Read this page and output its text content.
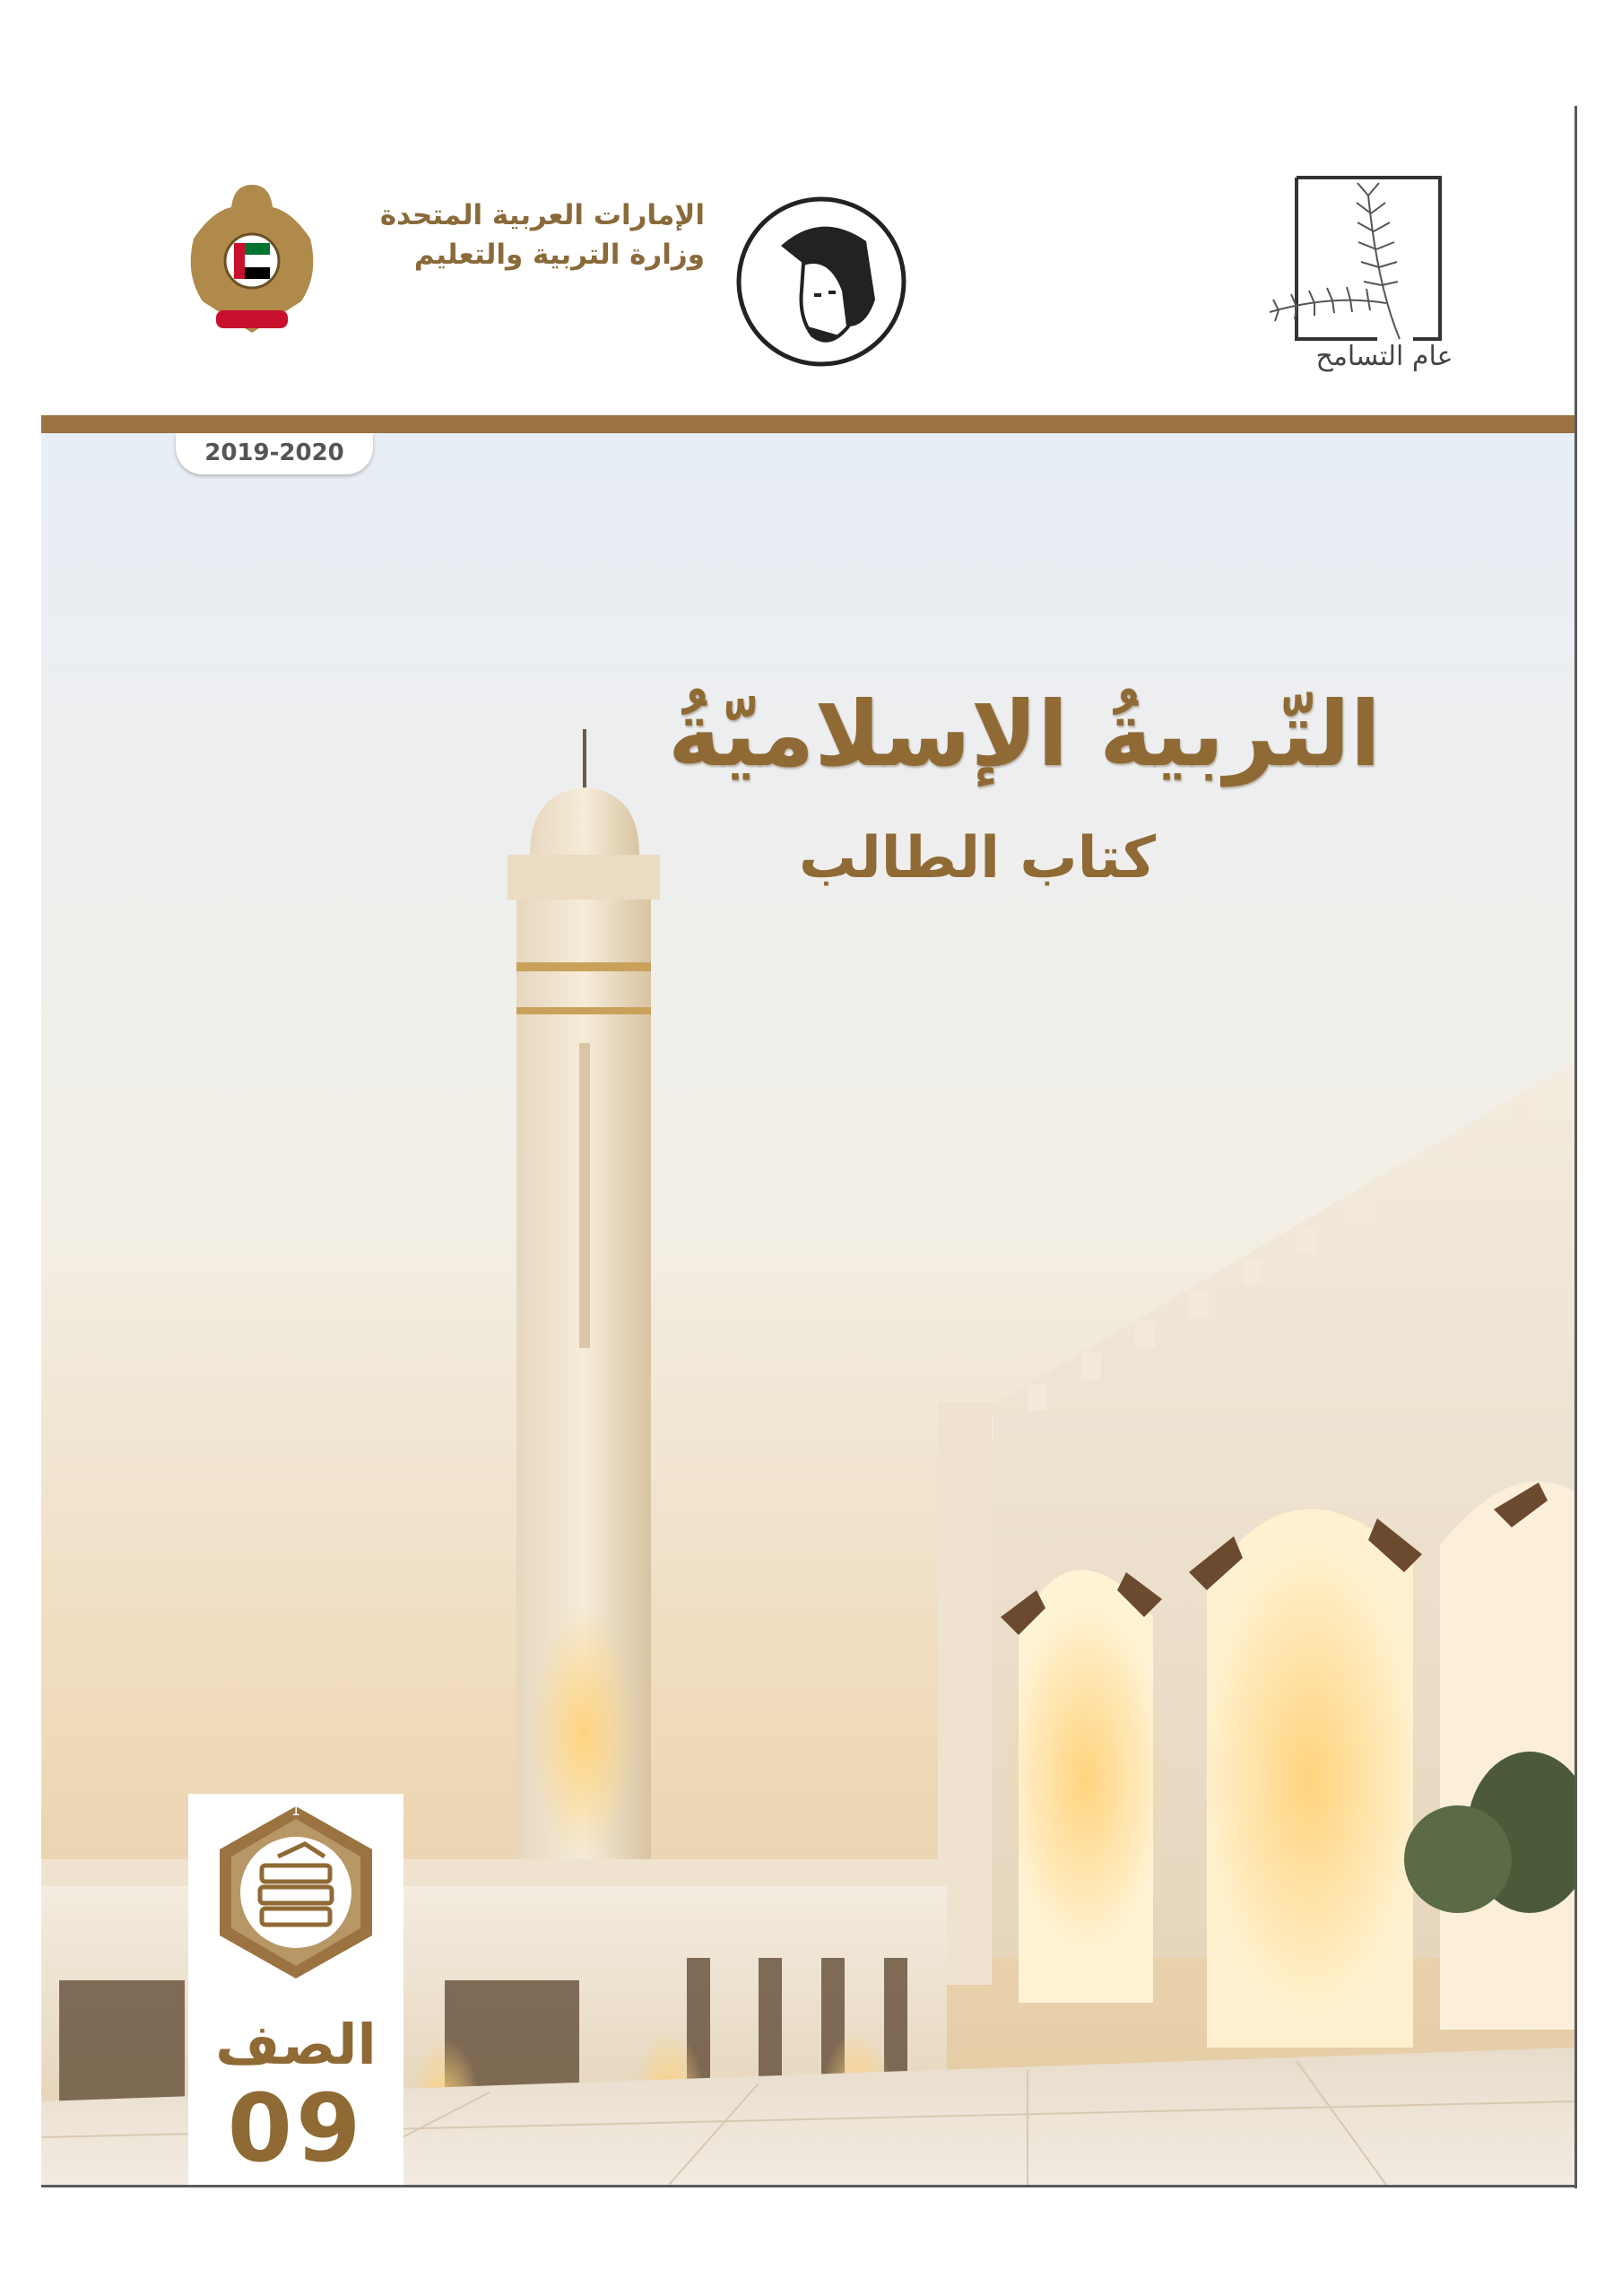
عام التسامح
الإمارات العربية المتحدة
وزارة التربية والتعليم
2019-2020
التّربيةُ الإسلاميّةُ
كتاب الطالب
1
2
3
الصف
09
